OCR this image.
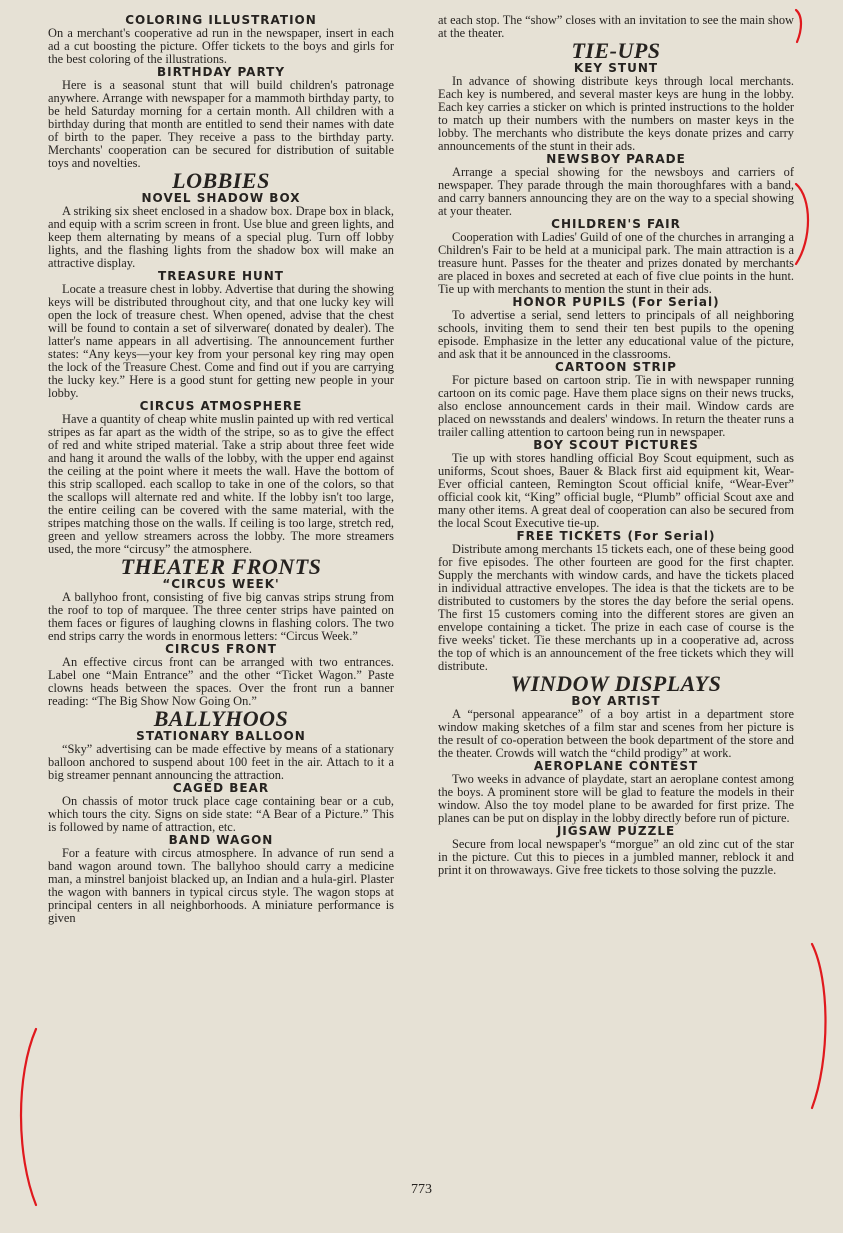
COLORING ILLUSTRATION
On a merchant's cooperative ad run in the newspaper, insert in each ad a cut boosting the picture. Offer tickets to the boys and girls for the best coloring of the illustrations.
BIRTHDAY PARTY
Here is a seasonal stunt that will build children's patronage anywhere. Arrange with newspaper for a mammoth birthday party, to be held Saturday morning for a certain month. All children with a birthday during that month are entitled to send their names with date of birth to the paper. They receive a pass to the birthday party. Merchants' cooperation can be secured for distribution of suitable toys and novelties.
LOBBIES
NOVEL SHADOW BOX
A striking six sheet enclosed in a shadow box. Drape box in black, and equip with a scrim screen in front. Use blue and green lights, and keep them alternating by means of a special plug. Turn off lobby lights, and the flashing lights from the shadow box will make an attractive display.
TREASURE HUNT
Locate a treasure chest in lobby. Advertise that during the showing keys will be distributed throughout city, and that one lucky key will open the lock of treasure chest. When opened, advise that the chest will be found to contain a set of silverware( donated by dealer). The latter's name appears in all advertising. The announcement further states: “Any keys—your key from your personal key ring may open the lock of the Treasure Chest. Come and find out if you are carrying the lucky key.” Here is a good stunt for getting new people in your lobby.
CIRCUS ATMOSPHERE
Have a quantity of cheap white muslin painted up with red vertical stripes as far apart as the width of the stripe, so as to give the effect of red and white striped material. Take a strip about three feet wide and hang it around the walls of the lobby, with the upper end against the ceiling at the point where it meets the wall. Have the bottom of this strip scalloped. each scallop to take in one of the colors, so that the scallops will alternate red and white. If the lobby isn't too large, the entire ceiling can be covered with the same material, with the stripes matching those on the walls. If ceiling is too large, stretch red, green and yellow streamers across the lobby. The more streamers used, the more “circusy” the atmosphere.
THEATER FRONTS
“CIRCUS WEEK'
A ballyhoo front, consisting of five big canvas strips strung from the roof to top of marquee. The three center strips have painted on them faces or figures of laughing clowns in flashing colors. The two end strips carry the words in enormous letters: “Circus Week.”
CIRCUS FRONT
An effective circus front can be arranged with two entrances. Label one “Main Entrance” and the other “Ticket Wagon.” Paste clowns heads between the spaces. Over the front run a banner reading: “The Big Show Now Going On.”
BALLYHOOS
STATIONARY BALLOON
“Sky” advertising can be made effective by means of a stationary balloon anchored to suspend about 100 feet in the air. Attach to it a big streamer pennant announcing the attraction.
CAGED BEAR
On chassis of motor truck place cage containing bear or a cub, which tours the city. Signs on side state: “A Bear of a Picture.” This is followed by name of attraction, etc.
BAND WAGON
For a feature with circus atmosphere. In advance of run send a band wagon around town. The ballyhoo should carry a medicine man, a minstrel banjoist blacked up, an Indian and a hula-girl. Plaster the wagon with banners in typical circus style. The wagon stops at principal centers in all neighborhoods. A miniature performance is given
at each stop. The “show” closes with an invitation to see the main show at the theater.
TIE-UPS
KEY STUNT
In advance of showing distribute keys through local merchants. Each key is numbered, and several master keys are hung in the lobby. Each key carries a sticker on which is printed instructions to the holder to match up their numbers with the numbers on master keys in the lobby. The merchants who distribute the keys donate prizes and carry announcements of the stunt in their ads.
NEWSBOY PARADE
Arrange a special showing for the newsboys and carriers of newspaper. They parade through the main thoroughfares with a band, and carry banners announcing they are on the way to a special showing at your theater.
CHILDREN'S FAIR
Cooperation with Ladies' Guild of one of the churches in arranging a Children's Fair to be held at a municipal park. The main attraction is a treasure hunt. Passes for the theater and prizes donated by merchants are placed in boxes and secreted at each of five clue points in the hunt. Tie up with merchants to mention the stunt in their ads.
HONOR PUPILS (For Serial)
To advertise a serial, send letters to principals of all neighboring schools, inviting them to send their ten best pupils to the opening episode. Emphasize in the letter any educational value of the picture, and ask that it be announced in the classrooms.
CARTOON STRIP
For picture based on cartoon strip. Tie in with newspaper running cartoon on its comic page. Have them place signs on their news trucks, also enclose announcement cards in their mail. Window cards are placed on newsstands and dealers' windows. In return the theater runs a trailer calling attention to cartoon being run in newspaper.
BOY SCOUT PICTURES
Tie up with stores handling official Boy Scout equipment, such as uniforms, Scout shoes, Bauer & Black first aid equipment kit, Wear-Ever official canteen, Remington Scout official knife, “Wear-Ever” official cook kit, “King” official bugle, “Plumb” official Scout axe and many other items. A great deal of cooperation can also be secured from the local Scout Executive tie-up.
FREE TICKETS (For Serial)
Distribute among merchants 15 tickets each, one of these being good for five episodes. The other fourteen are good for the first chapter. Supply the merchants with window cards, and have the tickets placed in individual attractive envelopes. The idea is that the tickets are to be distributed to customers by the stores the day before the serial opens. The first 15 customers coming into the different stores are given an envelope containing a ticket. The prize in each case of course is the five weeks' ticket. Tie these merchants up in a cooperative ad, across the top of which is an announcement of the free tickets which they will distribute.
WINDOW DISPLAYS
BOY ARTIST
A “personal appearance” of a boy artist in a department store window making sketches of a film star and scenes from her picture is the result of co-operation between the book department of the store and the theater. Crowds will watch the “child prodigy” at work.
AEROPLANE CONTEST
Two weeks in advance of playdate, start an aeroplane contest among the boys. A prominent store will be glad to feature the models in their window. Also the toy model plane to be awarded for first prize. The planes can be put on display in the lobby directly before run of picture.
JIGSAW PUZZLE
Secure from local newspaper's “morgue” an old zinc cut of the star in the picture. Cut this to pieces in a jumbled manner, reblock it and print it on throwaways. Give free tickets to those solving the puzzle.
773
